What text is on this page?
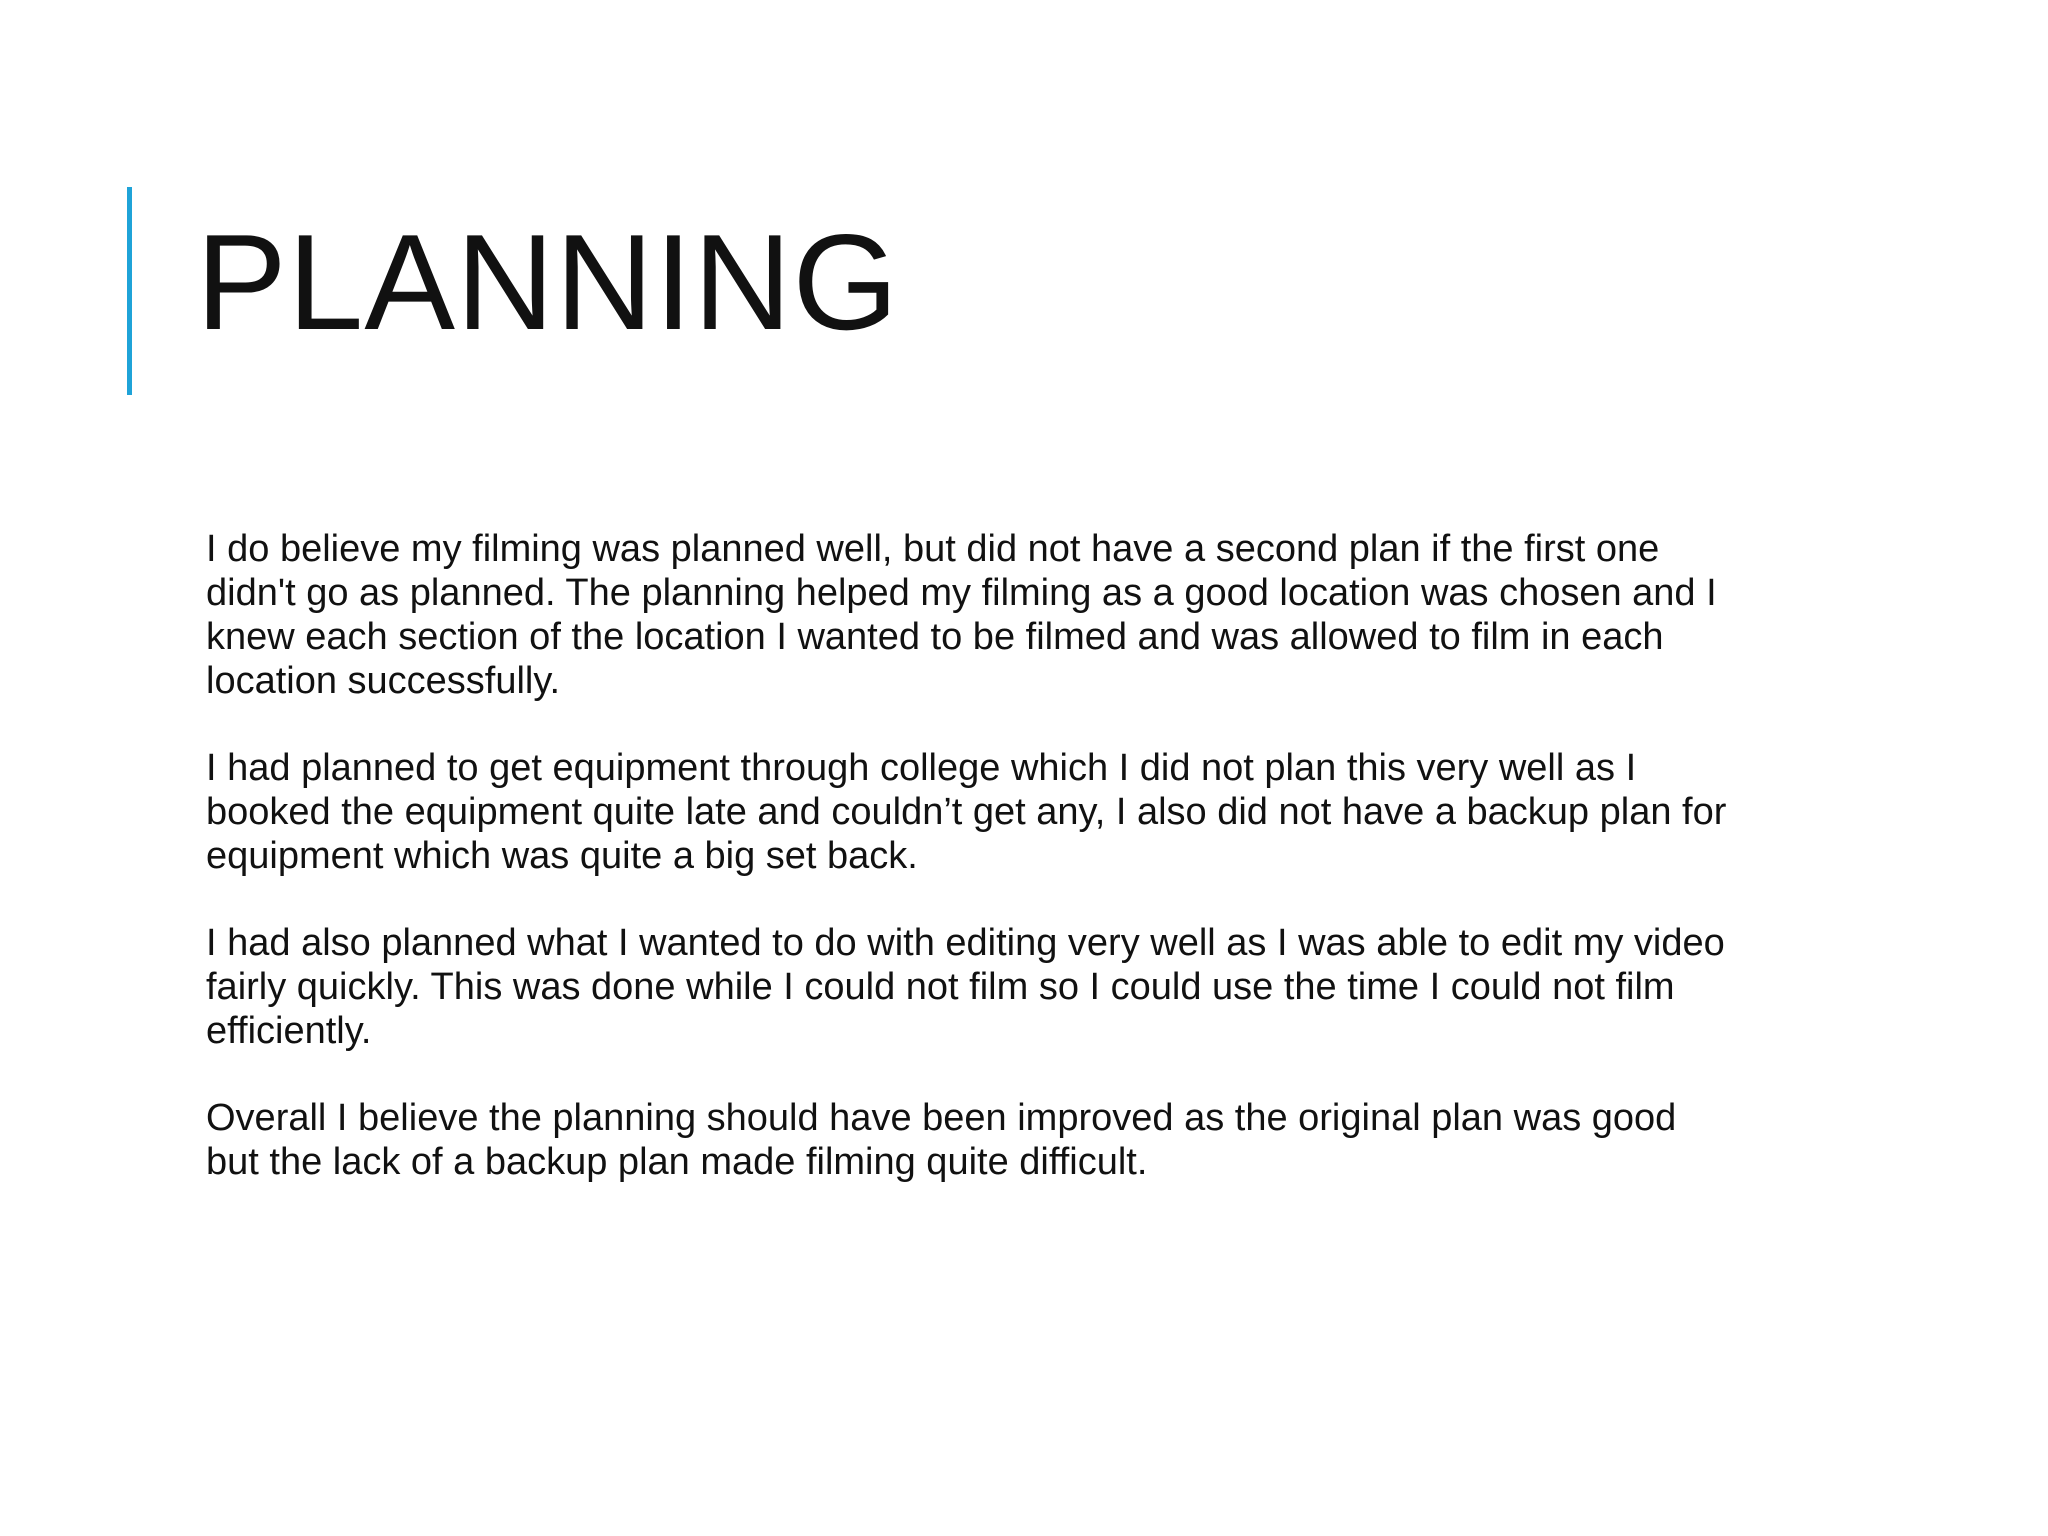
PLANNING

I do believe my filming was planned well, but did not have a second plan if the first one
didn't go as planned. The planning helped my filming as a good location was chosen and I
knew each section of the location I wanted to be filmed and was allowed to film in each
location successfully.

I had planned to get equipment through college which I did not plan this very well as I
booked the equipment quite late and couldn’t get any, I also did not have a backup plan for
equipment which was quite a big set back.

I had also planned what I wanted to do with editing very well as I was able to edit my video
fairly quickly. This was done while I could not film so I could use the time I could not film
efficiently.

Overall I believe the planning should have been improved as the original plan was good
but the lack of a backup plan made filming quite difficult.
